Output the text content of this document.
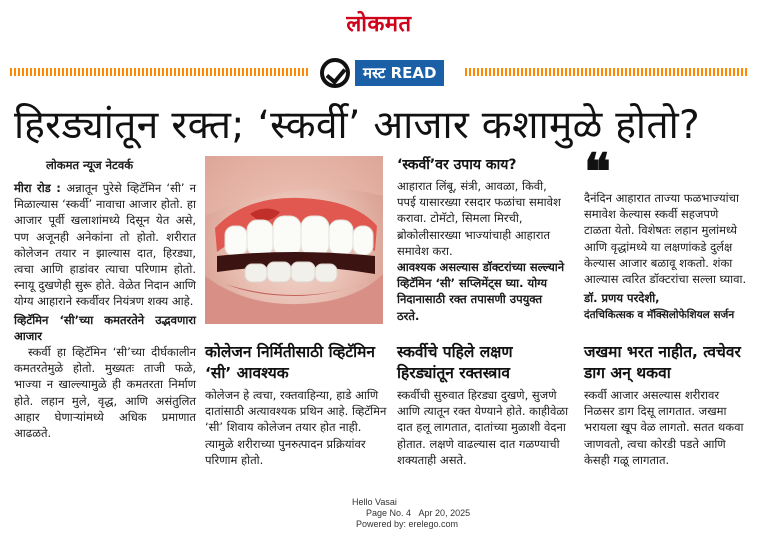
लोकमत
मस्ट READ
हिरड्यांतून रक्त; ‘स्कर्वी’ आजार कशामुळे होतो?
लोकमत न्यूज नेटवर्क

मीरा रोड : अन्नातून पुरेसे व्हिटॅमिन ‘सी’ न मिळाल्यास ‘स्कर्वी’ नावाचा आजार होतो. हा आजार पूर्वी खलाशांमध्ये दिसून येत असे, पण अजूनही अनेकांना तो होतो. शरीरात कोलेजन तयार न झाल्यास दात, हिरड्या, त्वचा आणि हाडांवर त्याचा परिणाम होतो. स्नायू दुखणेही सुरू होते. वेळेत निदान आणि योग्य आहाराने स्कर्वीवर नियंत्रण शक्य आहे.

व्हिटॅमिन ‘सी’च्या कमतरतेने उद्भवणारा आजार

स्कर्वी हा व्हिटॅमिन ‘सी’च्या दीर्घकालीन कमतरतेमुळे होतो. मुख्यतः ताजी फळे, भाज्या न खाल्ल्यामुळे ही कमतरता निर्माण होते. लहान मुले, वृद्ध, आणि असंतुलित आहार घेणाऱ्यांमध्ये अधिक प्रमाणात आढळते.

कोलेजन निर्मितीसाठी व्हिटॅमिन ‘सी’ आवश्यक
कोलेजन हे त्वचा, रक्तवाहिन्या, हाडे आणि दातांसाठी अत्यावश्यक प्रथिन आहे. व्हिटॅमिन ‘सी’ शिवाय कोलेजन तयार होत नाही. त्यामुळे शरीराच्या पुनरुत्पादन प्रक्रियांवर परिणाम होतो.
‘स्कर्वी’वर उपाय काय?

आहारात लिंबू, संत्री, आवळा, किवी, पपई यासारख्या रसदार फळांचा समावेश करावा. टोमॅटो, सिमला मिरची, ब्रोकोलीसारख्या भाज्यांचाही आहारात समावेश करा.

आवश्यक असल्यास डॉक्टरांच्या सल्ल्याने व्हिटॅमिन ‘सी’ सप्लिमेंट्स घ्या. योग्य निदानासाठी रक्त तपासणी उपयुक्त ठरते.

स्कर्वीचे पहिले लक्षण हिरड्यांतून रक्तस्त्राव
स्कर्वीची सुरुवात हिरड्या दुखणे, सुजणे आणि त्यातून रक्त येण्याने होते. काहीवेळा दात हलू लागतात, दातांच्या मुळाशी वेदना होतात. लक्षणे वाढल्यास दात गळण्याची शक्यताही असते.
❝
दैनंदिन आहारात ताज्या फळभाज्यांचा समावेश केल्यास स्कर्वी सहजपणे टाळता येतो. विशेषतः लहान मुलांमध्ये आणि वृद्धांमध्ये या लक्षणांकडे दुर्लक्ष केल्यास आजार बळावू शकतो. शंका आल्यास त्वरित डॉक्टरांचा सल्ला घ्यावा.
डॉ. प्रणय परदेशी,
दंतचिकित्सक व मॅक्सिलोफेशियल सर्जन
जखमा भरत नाहीत, त्वचेवर डाग अन् थकवा
स्कर्वी आजार असल्यास शरीरावर निळसर डाग दिसू लागतात. जखमा भरायला खूप वेळ लागतो. सतत थकवा जाणवतो, त्वचा कोरडी पडते आणि केसही गळू लागतात.
Hello Vasai
Page No. 4 Apr 20, 2025
Powered by: erelego.com
